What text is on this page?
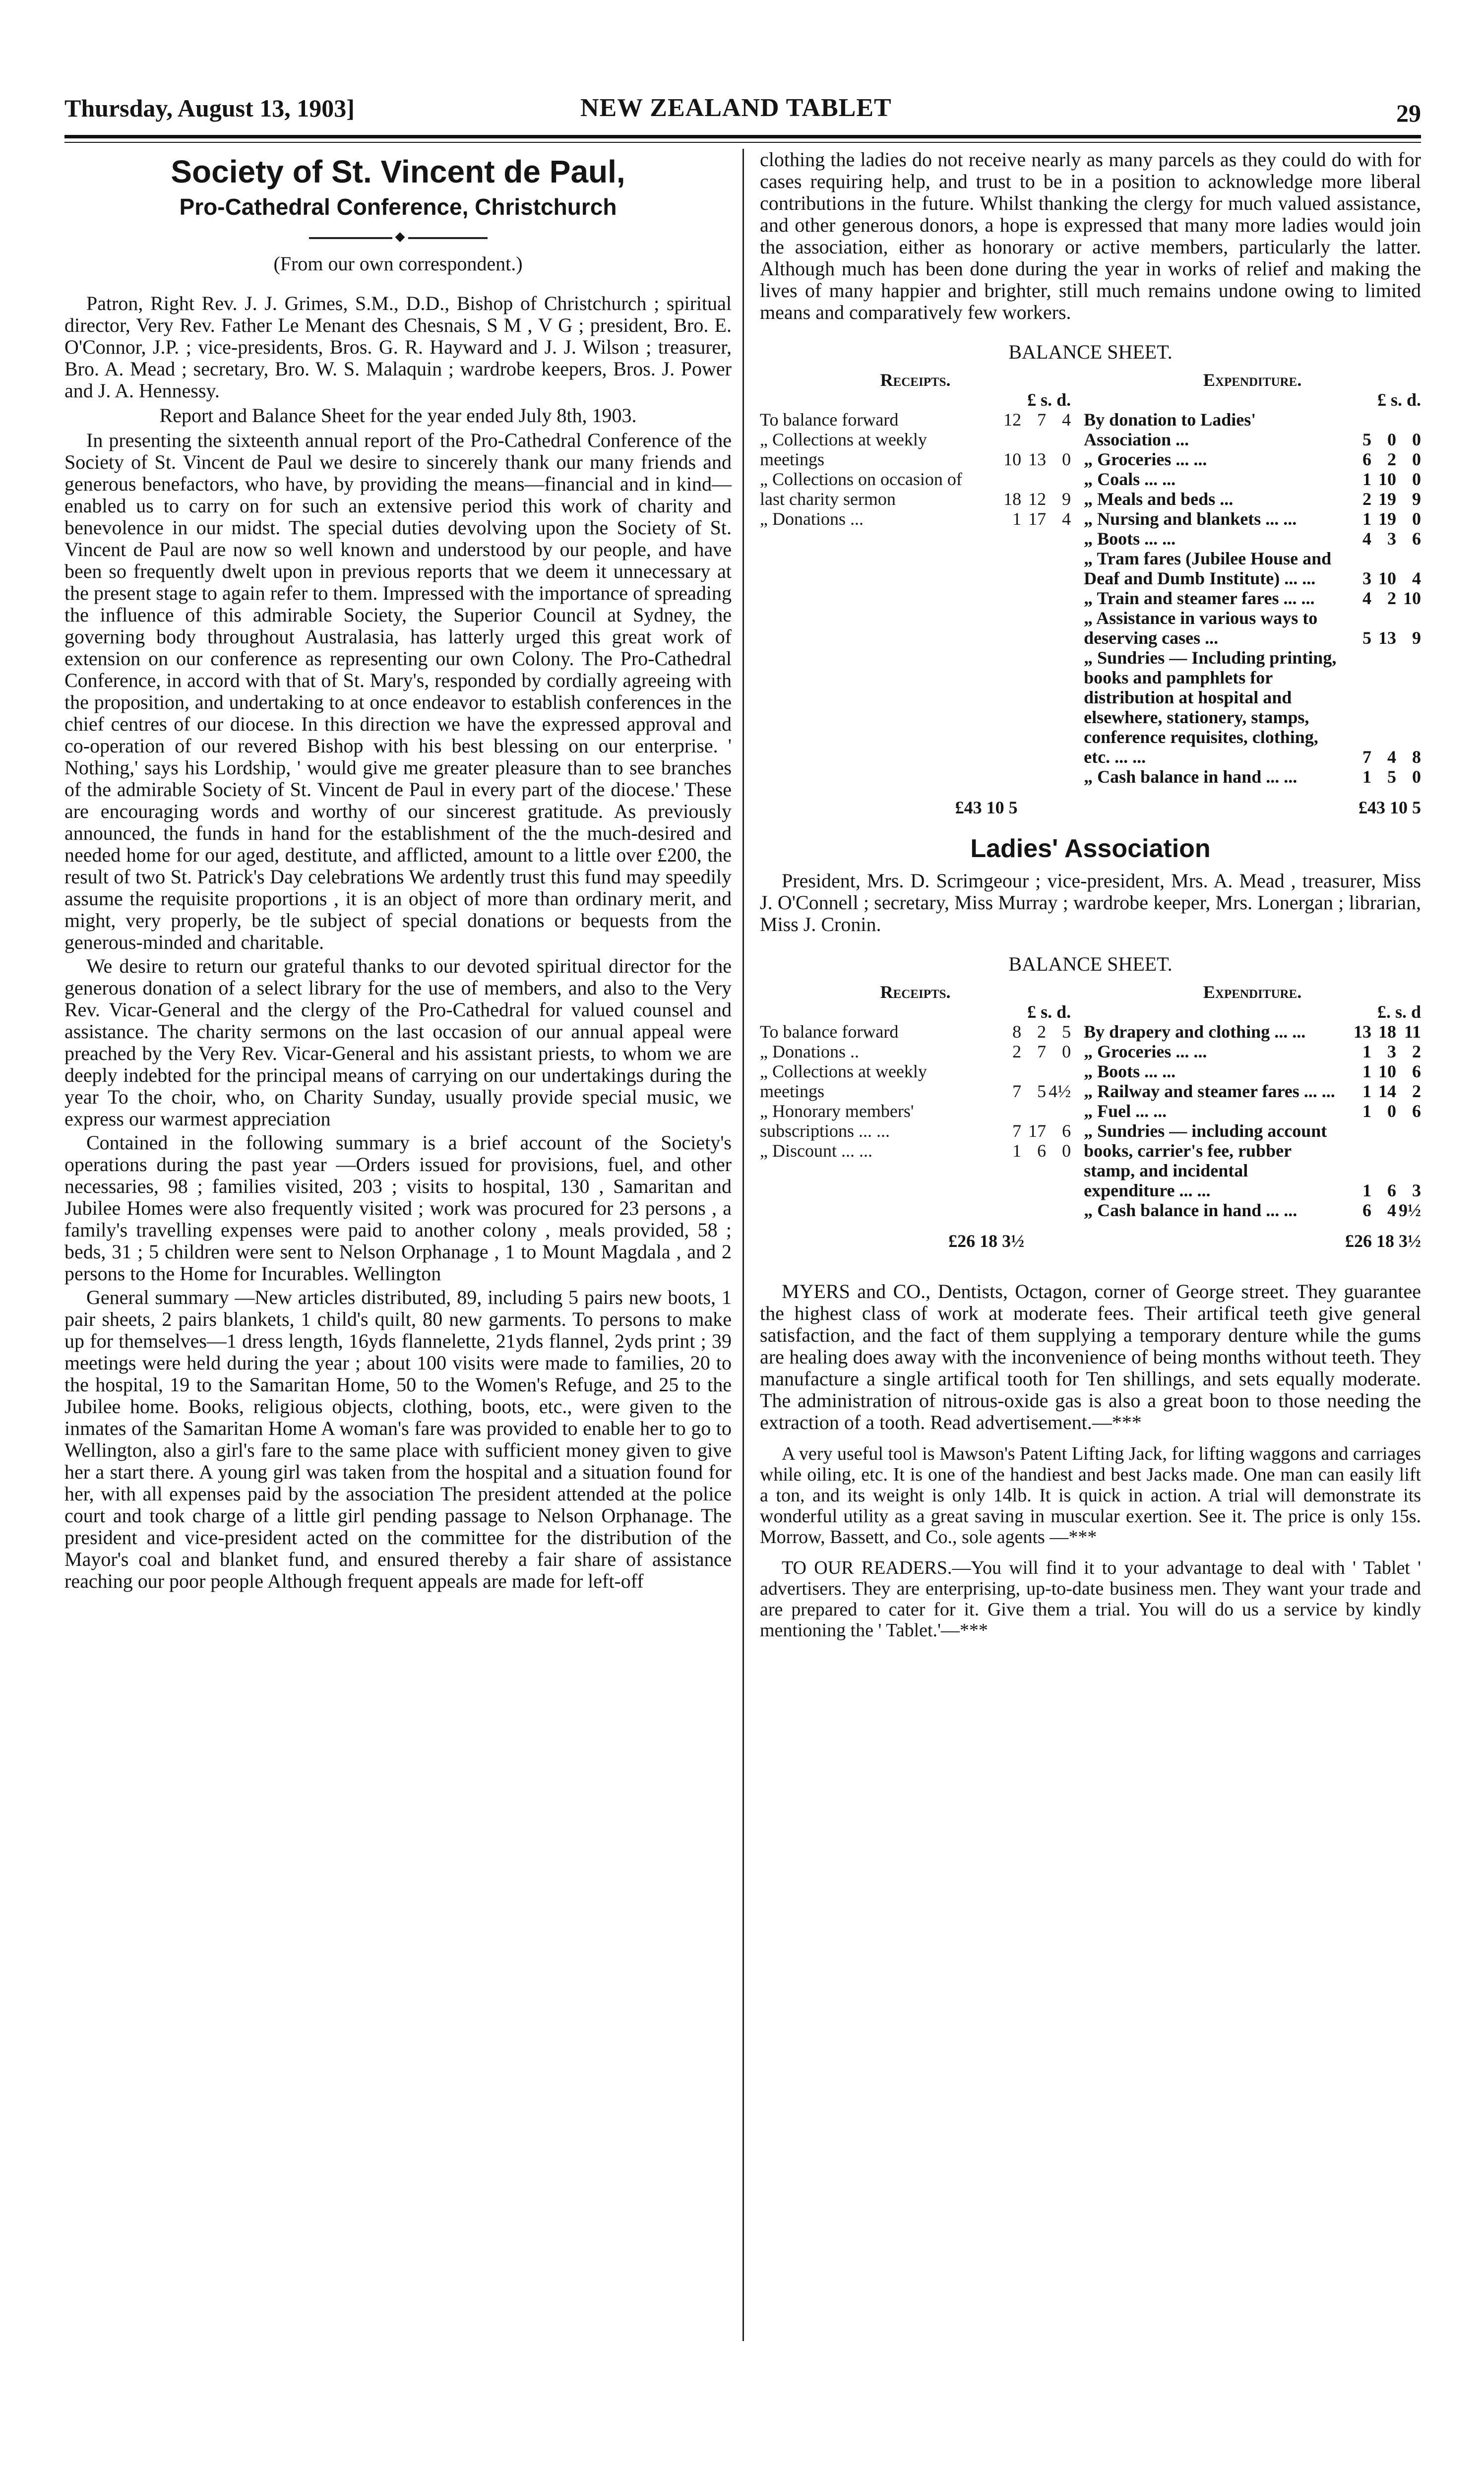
Thursday, August 13, 1903]	NEW ZEALAND TABLET	29
Society of St. Vincent de Paul,
Pro-Cathedral Conference, Christchurch
◆
(From our own correspondent.)

Patron, Right Rev. J. J. Grimes, S.M., D.D., Bishop of Christchurch ; spiritual director, Very Rev. Father Le Menant des Chesnais, S M , V G ; president, Bro. E. O'Connor, J.P. ; vice-presidents, Bros. G. R. Hayward and J. J. Wilson ; treasurer, Bro. A. Mead ; secretary, Bro. W. S. Malaquin ; wardrobe keepers, Bros. J. Power and J. A. Hennessy.

Report and Balance Sheet for the year ended July 8th, 1903.

In presenting the sixteenth annual report of the Pro-Cathedral Conference of the Society of St. Vincent de Paul we desire to sincerely thank our many friends and generous benefactors, who have, by providing the means—financial and in kind—enabled us to carry on for such an extensive period this work of charity and benevolence in our midst. The special duties devolving upon the Society of St. Vincent de Paul are now so well known and understood by our people, and have been so frequently dwelt upon in previous reports that we deem it unnecessary at the present stage to again refer to them. Impressed with the importance of spreading the influence of this admirable Society, the Superior Council at Sydney, the governing body throughout Australasia, has latterly urged this great work of extension on our conference as representing our own Colony. The Pro-Cathedral Conference, in accord with that of St. Mary's, responded by cordially agreeing with the proposition, and undertaking to at once endeavor to establish conferences in the chief centres of our diocese. In this direction we have the expressed approval and co-operation of our revered Bishop with his best blessing on our enterprise. ' Nothing,' says his Lordship, ' would give me greater pleasure than to see branches of the admirable Society of St. Vincent de Paul in every part of the diocese.' These are encouraging words and worthy of our sincerest gratitude. As previously announced, the funds in hand for the establishment of the the much-desired and needed home for our aged, destitute, and afflicted, amount to a little over £200, the result of two St. Patrick's Day celebrations We ardently trust this fund may speedily assume the requisite proportions , it is an object of more than ordinary merit, and might, very properly, be tle subject of special donations or bequests from the generous-minded and charitable.

We desire to return our grateful thanks to our devoted spiritual director for the generous donation of a select library for the use of members, and also to the Very Rev. Vicar-General and the clergy of the Pro-Cathedral for valued counsel and assistance. The charity sermons on the last occasion of our annual appeal were preached by the Very Rev. Vicar-General and his assistant priests, to whom we are deeply indebted for the principal means of carrying on our undertakings during the year To the choir, who, on Charity Sunday, usually provide special music, we express our warmest appreciation

Contained in the following summary is a brief account of the Society's operations during the past year —Orders issued for provisions, fuel, and other necessaries, 98 ; families visited, 203 ; visits to hospital, 130 , Samaritan and Jubilee Homes were also frequently visited ; work was procured for 23 persons , a family's travelling expenses were paid to another colony , meals provided, 58 ; beds, 31 ; 5 children were sent to Nelson Orphanage , 1 to Mount Magdala , and 2 persons to the Home for Incurables. Wellington

General summary —New articles distributed, 89, including 5 pairs new boots, 1 pair sheets, 2 pairs blankets, 1 child's quilt, 80 new garments. To persons to make up for themselves—1 dress length, 16yds flannelette, 21yds flannel, 2yds print ; 39 meetings were held during the year ; about 100 visits were made to families, 20 to the hospital, 19 to the Samaritan Home, 50 to the Women's Refuge, and 25 to the Jubilee home. Books, religious objects, clothing, boots, etc., were given to the inmates of the Samaritan Home A woman's fare was provided to enable her to go to Wellington, also a girl's fare to the same place with sufficient money given to give her a start there. A young girl was taken from the hospital and a situation found for her, with all expenses paid by the association The president attended at the police court and took charge of a little girl pending passage to Nelson Orphanage. The president and vice-president acted on the committee for the distribution of the Mayor's coal and blanket fund, and ensured thereby a fair share of assistance reaching our poor people Although frequent appeals are made for left-off

clothing the ladies do not receive nearly as many parcels as they could do with for cases requiring help, and trust to be in a position to acknowledge more liberal contributions in the future. Whilst thanking the clergy for much valued assistance, and other generous donors, a hope is expressed that many more ladies would join the association, either as honorary or active members, particularly the latter. Although much has been done during the year in works of relief and making the lives of many happier and brighter, still much remains undone owing to limited means and comparatively few workers.

BALANCE SHEET.
Receipts.
	£ s. d.
To balance forward	12	7	4
„ Collections at weekly meetings	10	13	0
„ Collections on occasion of last charity sermon	18	12	9
„ Donations ...	1	17	4

Expenditure.
	£ s. d.
By donation to Ladies' Association ...	5	0	0
„ Groceries ... ...	6	2	0
„ Coals ... ...	1	10	0
„ Meals and beds ...	2	19	9
„ Nursing and blankets ... ...	1	19	0
„ Boots ... ...	4	3	6
„ Tram fares (Jubilee House and Deaf and Dumb Institute) ... ...	3	10	4
„ Train and steamer fares ... ...	4	2	10
„ Assistance in various ways to deserving cases ...	5	13	9
„ Sundries — Including printing, books and pamphlets for distribution at hospital and elsewhere, stationery, stamps, conference requisites, clothing, etc. ... ...	7	4	8
„ Cash balance in hand ... ...	1	5	0

£43 10 5	£43 10 5
Ladies' Association

President, Mrs. D. Scrimgeour ; vice-president, Mrs. A. Mead , treasurer, Miss J. O'Connell ; secretary, Miss Murray ; wardrobe keeper, Mrs. Lonergan ; librarian, Miss J. Cronin.

BALANCE SHEET.
Receipts.
	£ s. d.
To balance forward	8	2	5
„ Donations ..	2	7	0
„ Collections at weekly meetings	7	5	4½
„ Honorary members' subscriptions ... ...	7	17	6
„ Discount ... ...	1	6	0

Expenditure.
	£. s. d
By drapery and clothing ... ...	13	18	11
„ Groceries ... ...	1	3	2
„ Boots ... ...	1	10	6
„ Railway and steamer fares ... ...	1	14	2
„ Fuel ... ...	1	0	6
„ Sundries — including account books, carrier's fee, rubber stamp, and incidental expenditure ... ...	1	6	3
„ Cash balance in hand ... ...	6	4	9½

£26 18 3½	£26 18 3½

MYERS and CO., Dentists, Octagon, corner of George street. They guarantee the highest class of work at moderate fees. Their artifical teeth give general satisfaction, and the fact of them supplying a temporary denture while the gums are healing does away with the inconvenience of being months without teeth. They manufacture a single artifical tooth for Ten shillings, and sets equally moderate. The administration of nitrous-oxide gas is also a great boon to those needing the extraction of a tooth. Read advertisement.—***

A very useful tool is Mawson's Patent Lifting Jack, for lifting waggons and carriages while oiling, etc. It is one of the handiest and best Jacks made. One man can easily lift a ton, and its weight is only 14lb. It is quick in action. A trial will demonstrate its wonderful utility as a great saving in muscular exertion. See it. The price is only 15s. Morrow, Bassett, and Co., sole agents —***

TO OUR READERS.—You will find it to your advantage to deal with ' Tablet ' advertisers. They are enterprising, up-to-date business men. They want your trade and are prepared to cater for it. Give them a trial. You will do us a service by kindly mentioning the ' Tablet.'—***
